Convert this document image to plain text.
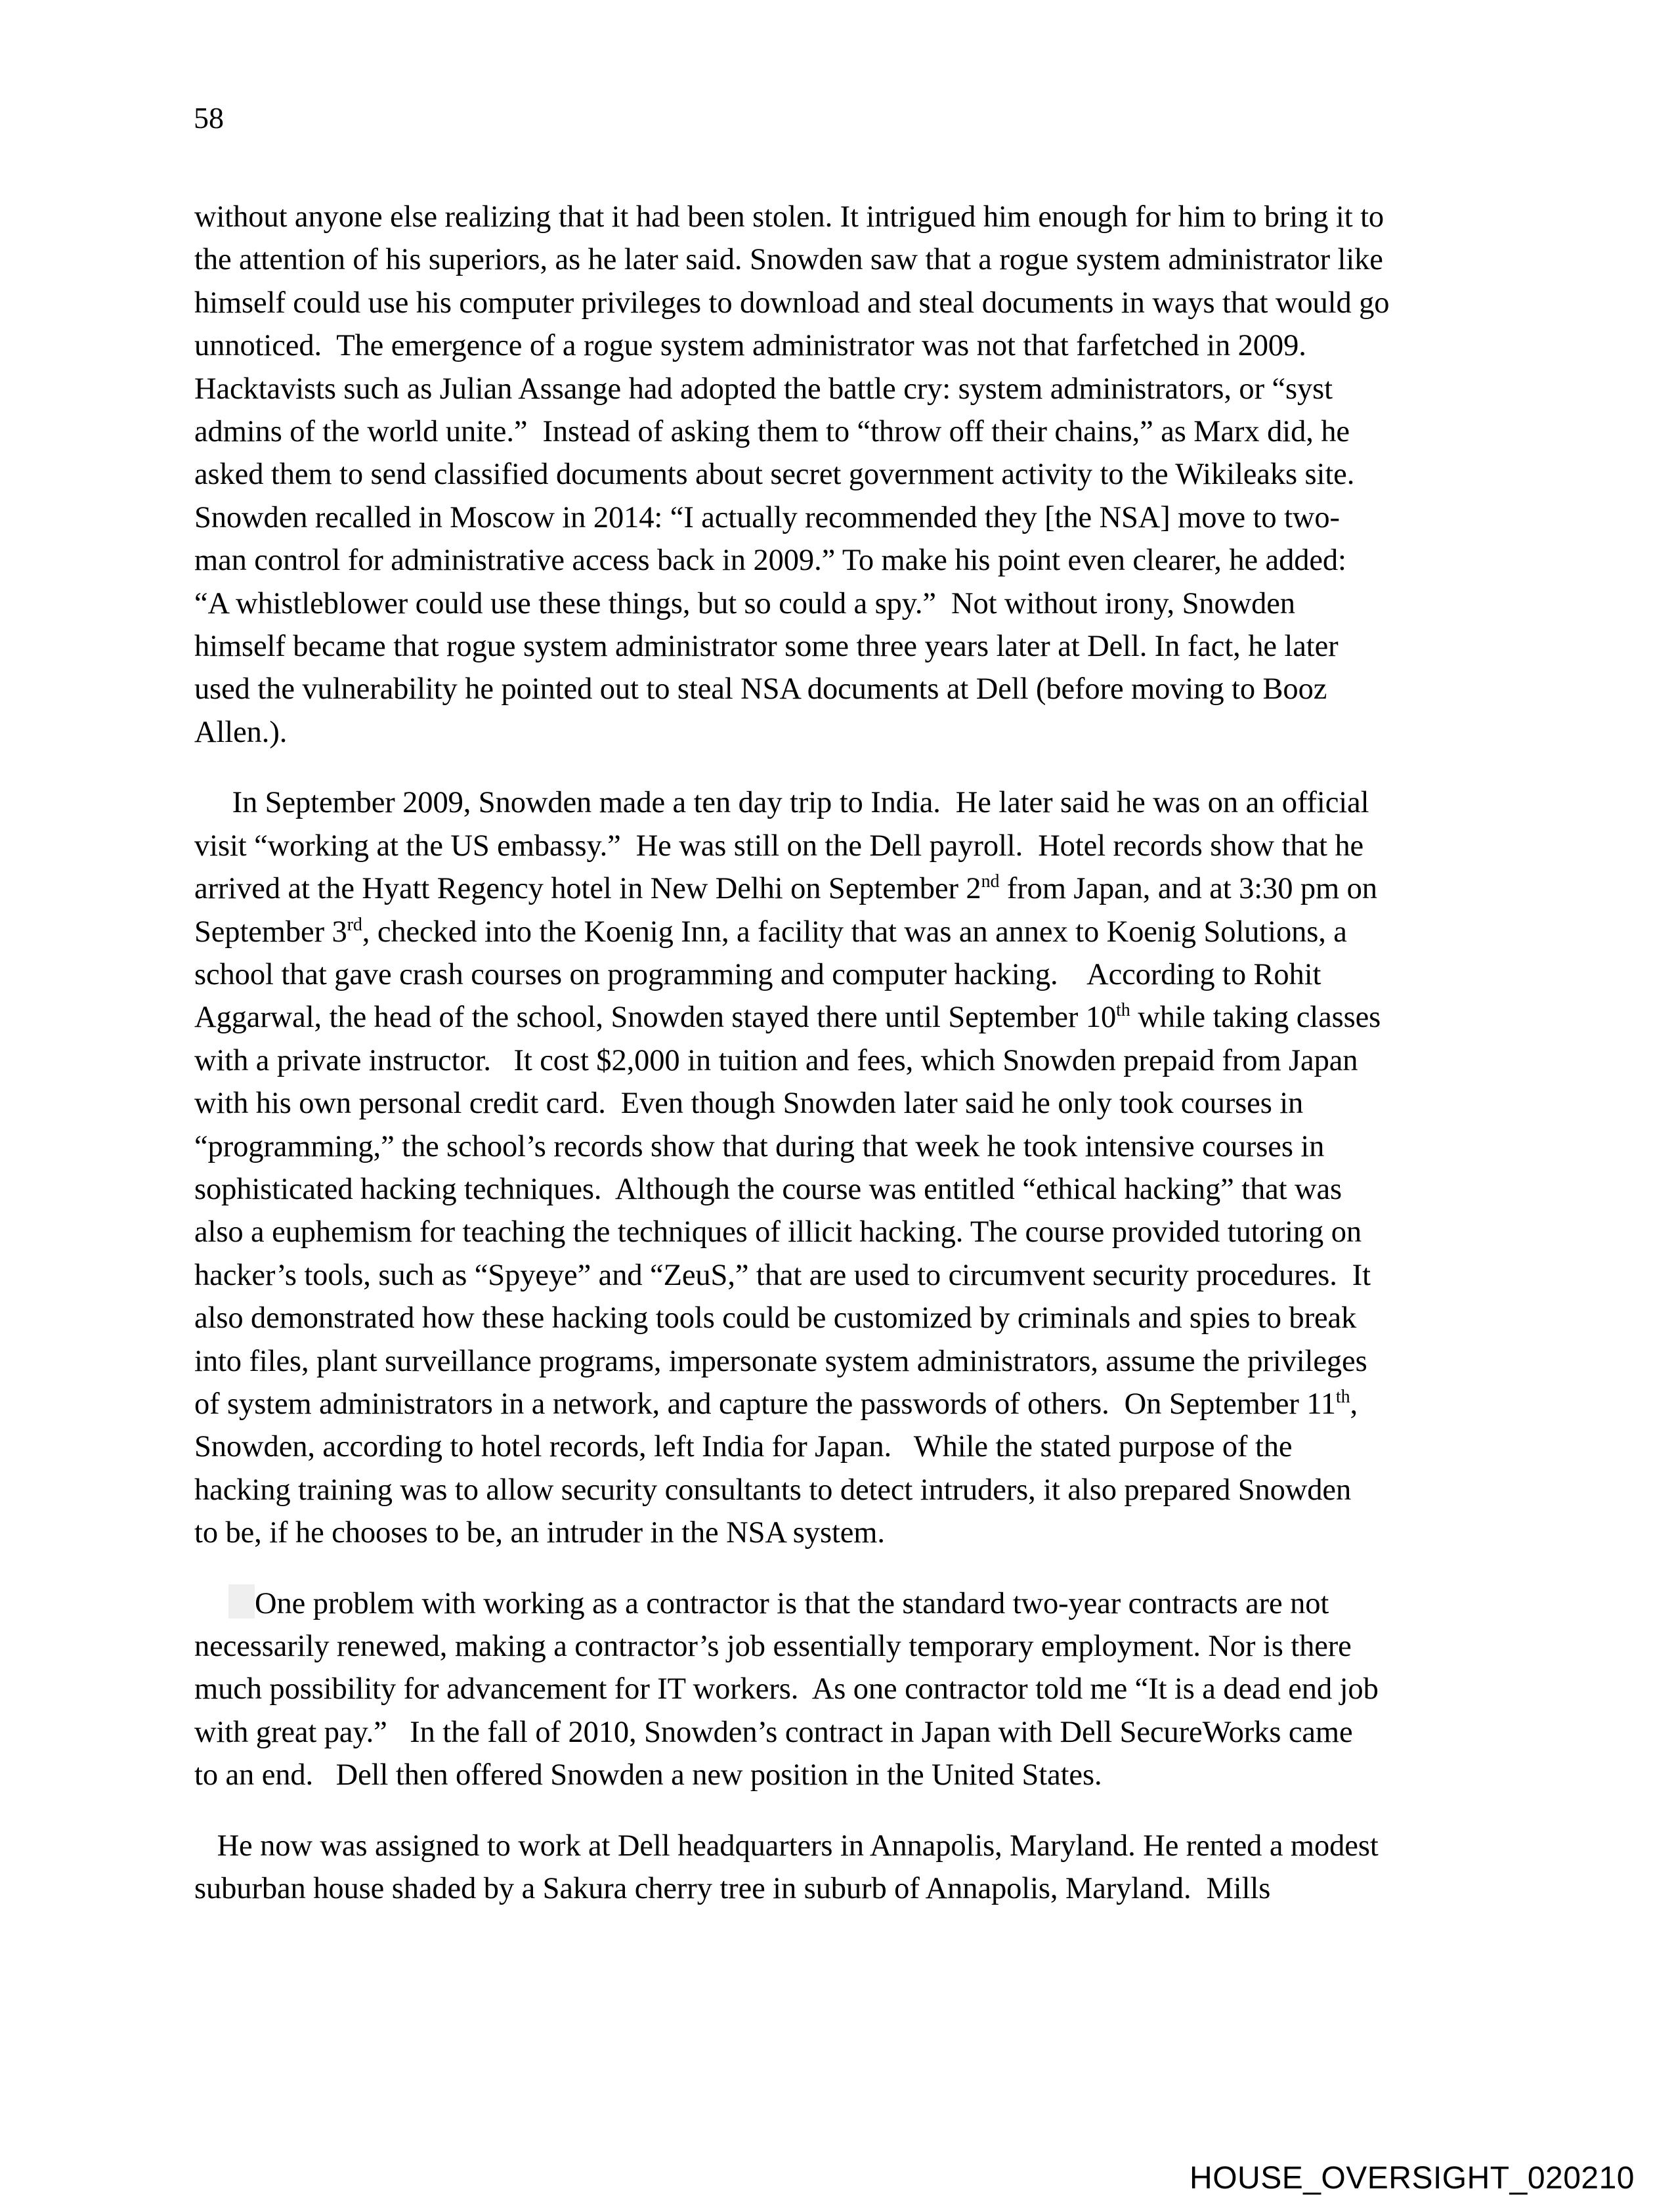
58

without anyone else realizing that it had been stolen. It intrigued him enough for him to bring it to
the attention of his superiors, as he later said. Snowden saw that a rogue system administrator like
himself could use his computer privileges to download and steal documents in ways that would go
unnoticed.  The emergence of a rogue system administrator was not that farfetched in 2009.
Hacktavists such as Julian Assange had adopted the battle cry: system administrators, or “syst
admins of the world unite.”  Instead of asking them to “throw off their chains,” as Marx did, he
asked them to send classified documents about secret government activity to the Wikileaks site.
Snowden recalled in Moscow in 2014: “I actually recommended they [the NSA] move to two-
man control for administrative access back in 2009.” To make his point even clearer, he added:
“A whistleblower could use these things, but so could a spy.”  Not without irony, Snowden
himself became that rogue system administrator some three years later at Dell. In fact, he later
used the vulnerability he pointed out to steal NSA documents at Dell (before moving to Booz
Allen.).

In September 2009, Snowden made a ten day trip to India.  He later said he was on an official
visit “working at the US embassy.”  He was still on the Dell payroll.  Hotel records show that he
arrived at the Hyatt Regency hotel in New Delhi on September 2nd from Japan, and at 3:30 pm on
September 3rd, checked into the Koenig Inn, a facility that was an annex to Koenig Solutions, a
school that gave crash courses on programming and computer hacking.    According to Rohit
Aggarwal, the head of the school, Snowden stayed there until September 10th while taking classes
with a private instructor.   It cost $2,000 in tuition and fees, which Snowden prepaid from Japan
with his own personal credit card.  Even though Snowden later said he only took courses in
“programming,” the school’s records show that during that week he took intensive courses in
sophisticated hacking techniques.  Although the course was entitled “ethical hacking” that was
also a euphemism for teaching the techniques of illicit hacking. The course provided tutoring on
hacker’s tools, such as “Spyeye” and “ZeuS,” that are used to circumvent security procedures.  It
also demonstrated how these hacking tools could be customized by criminals and spies to break
into files, plant surveillance programs, impersonate system administrators, assume the privileges
of system administrators in a network, and capture the passwords of others.  On September 11th,
Snowden, according to hotel records, left India for Japan.   While the stated purpose of the
hacking training was to allow security consultants to detect intruders, it also prepared Snowden
to be, if he chooses to be, an intruder in the NSA system.

One problem with working as a contractor is that the standard two-year contracts are not
necessarily renewed, making a contractor’s job essentially temporary employment. Nor is there
much possibility for advancement for IT workers.  As one contractor told me “It is a dead end job
with great pay.”   In the fall of 2010, Snowden’s contract in Japan with Dell SecureWorks came
to an end.   Dell then offered Snowden a new position in the United States.

He now was assigned to work at Dell headquarters in Annapolis, Maryland. He rented a modest
suburban house shaded by a Sakura cherry tree in suburb of Annapolis, Maryland.  Mills

HOUSE_OVERSIGHT_020210
